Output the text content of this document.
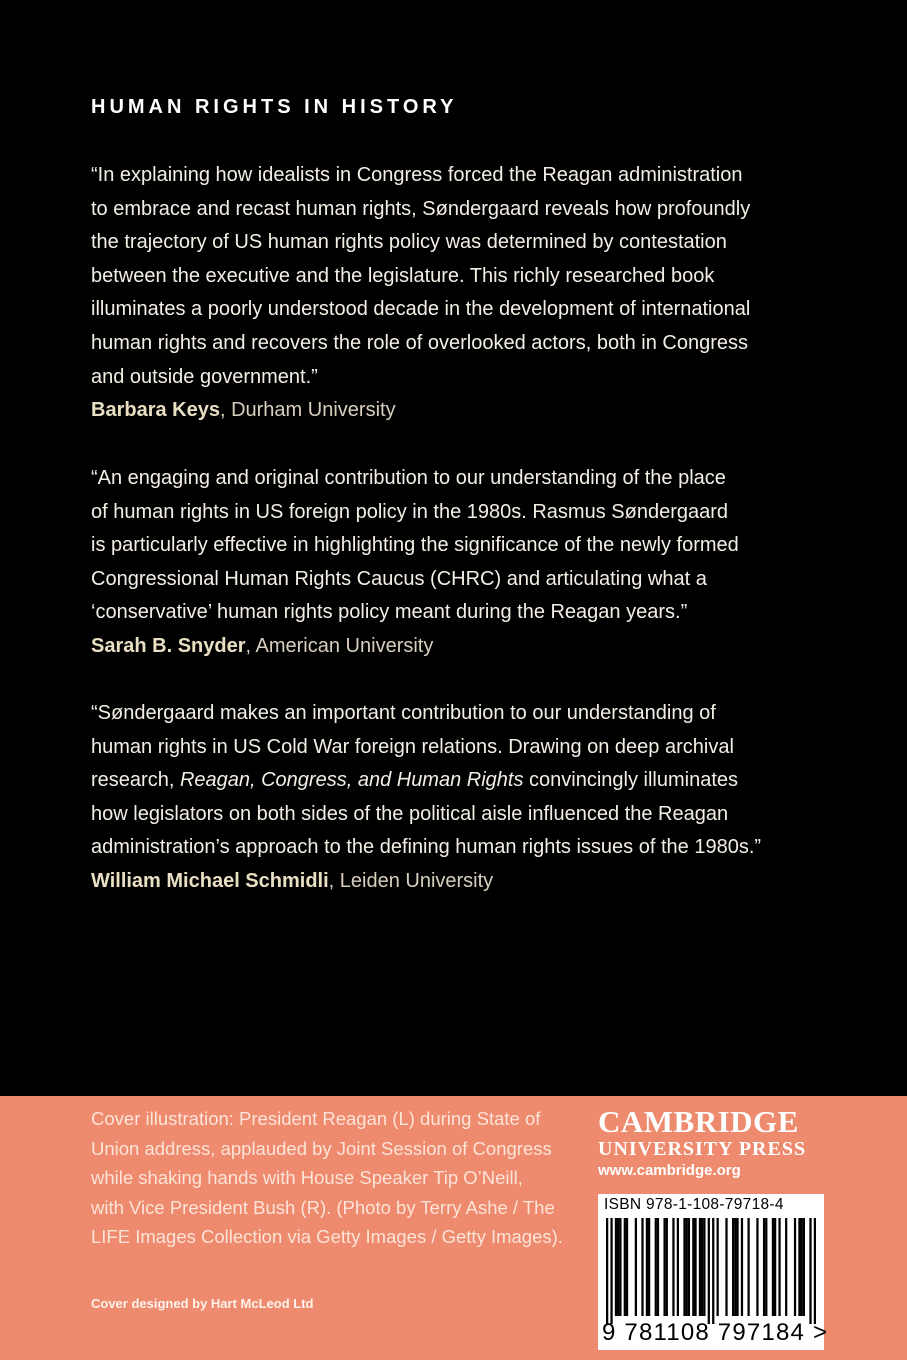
HUMAN RIGHTS IN HISTORY

“In explaining how idealists in Congress forced the Reagan administration

to embrace and recast human rights, Søndergaard reveals how profoundly

the trajectory of US human rights policy was determined by contestation

between the executive and the legislature. This richly researched book

illuminates a poorly understood decade in the development of international

human rights and recovers the role of overlooked actors, both in Congress

and outside government.”

Barbara Keys, Durham University

“An engaging and original contribution to our understanding of the place

of human rights in US foreign policy in the 1980s. Rasmus Søndergaard

is particularly effective in highlighting the significance of the newly formed

Congressional Human Rights Caucus (CHRC) and articulating what a

‘conservative’ human rights policy meant during the Reagan years.”

Sarah B. Snyder, American University

“Søndergaard makes an important contribution to our understanding of

human rights in US Cold War foreign relations. Drawing on deep archival

research, Reagan, Congress, and Human Rights convincingly illuminates

how legislators on both sides of the political aisle influenced the Reagan

administration’s approach to the defining human rights issues of the 1980s.”

William Michael Schmidli, Leiden University

Cover illustration: President Reagan (L) during State of
Union address, applauded by Joint Session of Congress
while shaking hands with House Speaker Tip O’Neill,
with Vice President Bush (R). (Photo by Terry Ashe / The
LIFE Images Collection via Getty Images / Getty Images).

Cover designed by Hart McLeod Ltd

CAMBRIDGE
UNIVERSITY PRESS
www.cambridge.org
ISBN 978-1-108-79718-4
9 781108 797184 >
